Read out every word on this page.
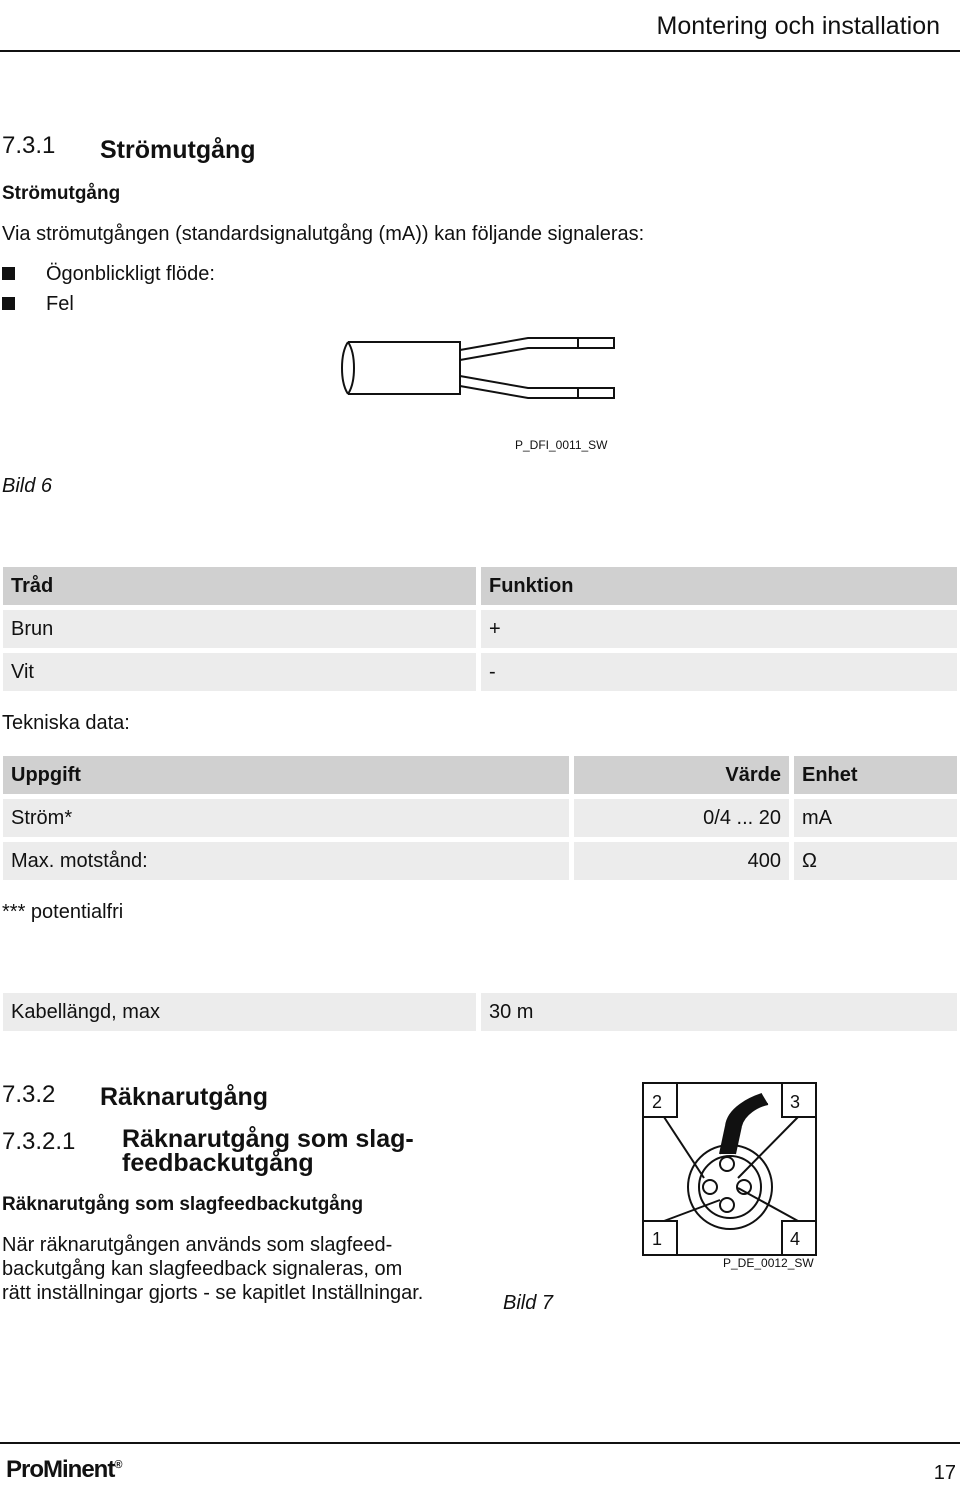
Montering och installation
7.3.1 Strömutgång
Strömutgång
Via strömutgången (standardsignalutgång (mA)) kan följande signaleras:
Ögonblickligt flöde:
Fel
P_DFI_0011_SW
Bild 6
Tråd	Funktion
Brun	+
Vit	-
Tekniska data:
Uppgift	Värde	Enhet
Ström*	0/4 ... 20	mA
Max. motstånd:	400	Ω
*** potentialfri
Kabellängd, max	30 m
7.3.2 Räknarutgång
7.3.2.1 Räknarutgång som slag-
feedbackutgång
Räknarutgång som slagfeedbackutgång
När räknarutgången används som slagfeed-
backutgång kan slagfeedback signaleras, om
rätt inställningar gjorts - se kapitlet Inställningar.	Bild 7
2	3
1	4
P_DE_0012_SW
ProMinent®	17
